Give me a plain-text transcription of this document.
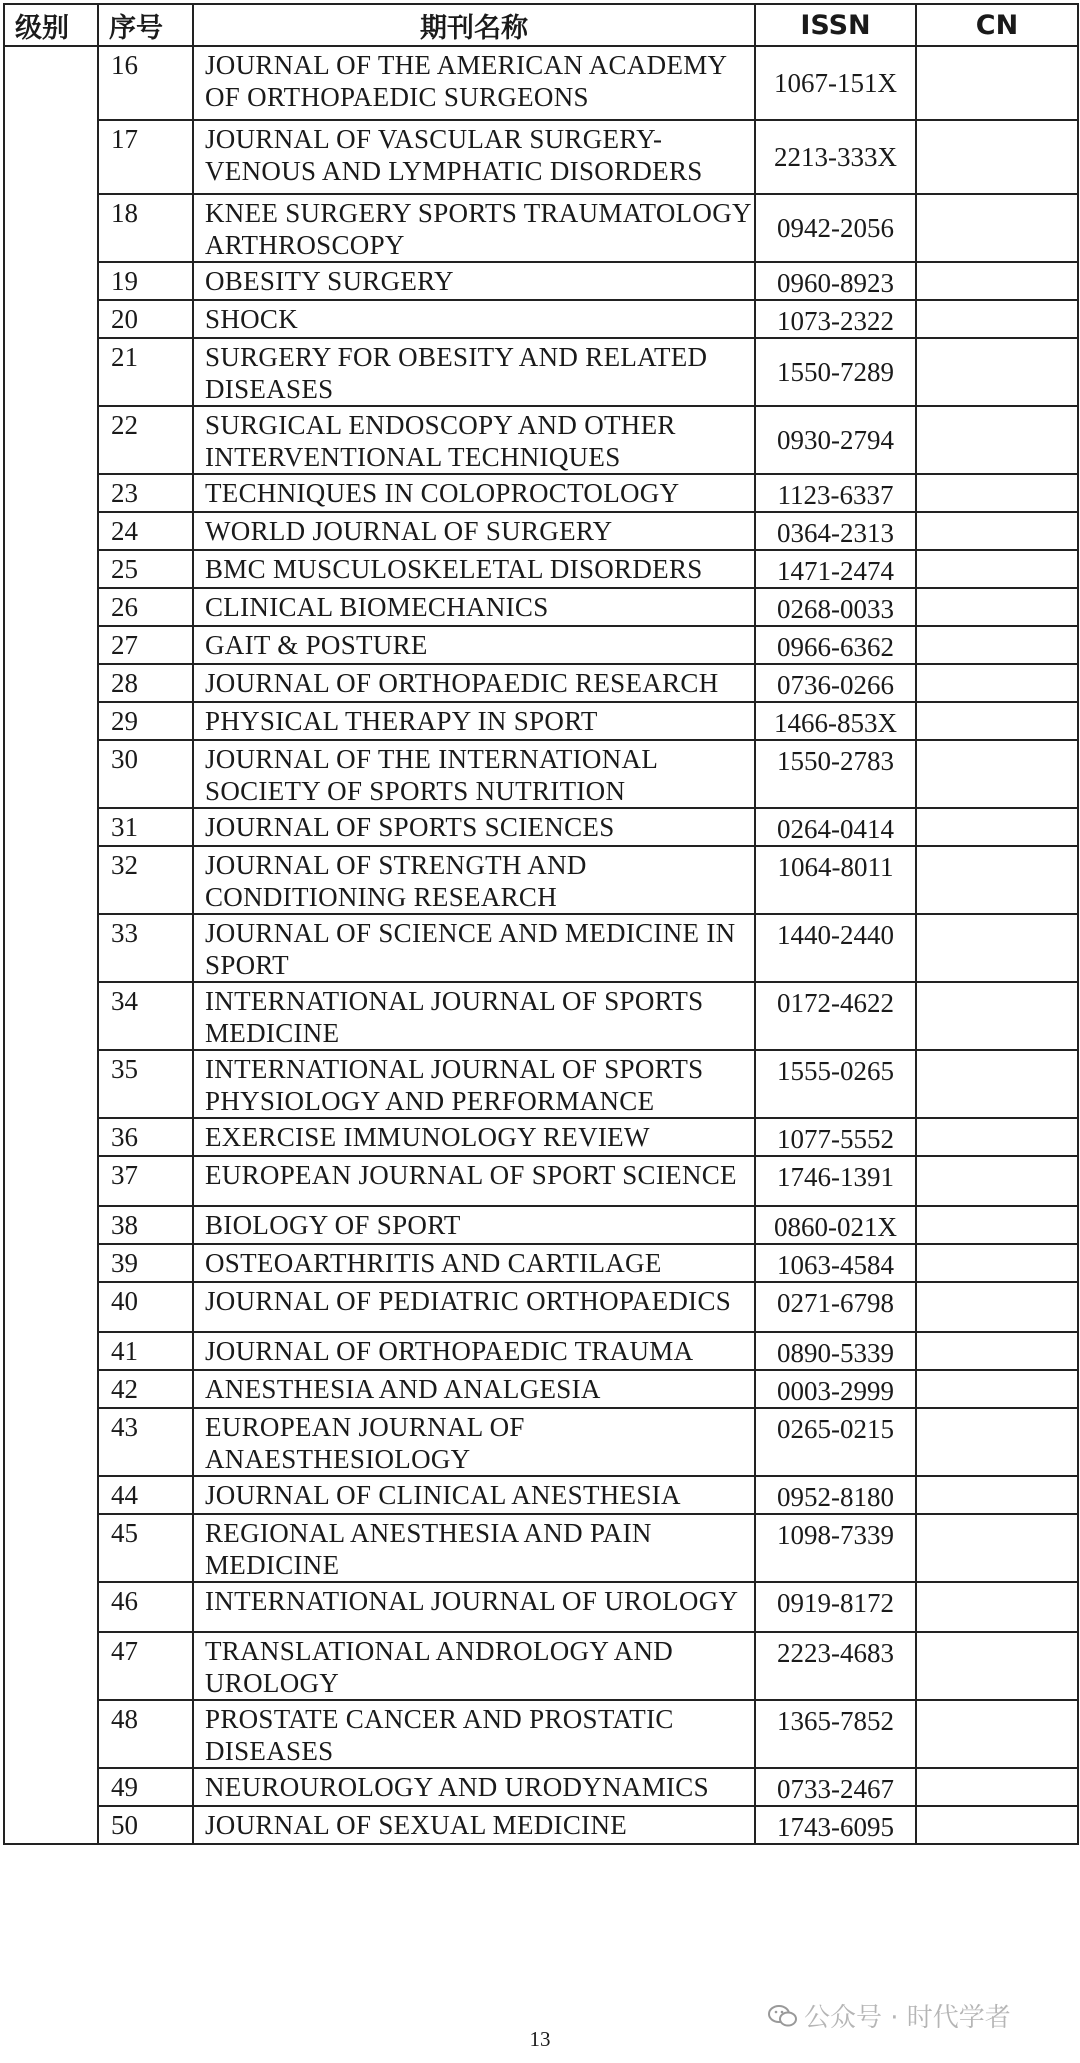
级别	序号	期刊名称	ISSN	CN
	16	JOURNAL OF THE AMERICAN ACADEMY OF ORTHOPAEDIC SURGEONS	1067-151X	
	17	JOURNAL OF VASCULAR SURGERY-VENOUS AND LYMPHATIC DISORDERS	2213-333X	
	18	KNEE SURGERY SPORTS TRAUMATOLOGY ARTHROSCOPY	0942-2056	
	19	OBESITY SURGERY	0960-8923	
	20	SHOCK	1073-2322	
	21	SURGERY FOR OBESITY AND RELATED DISEASES	1550-7289	
	22	SURGICAL ENDOSCOPY AND OTHER INTERVENTIONAL TECHNIQUES	0930-2794	
	23	TECHNIQUES IN COLOPROCTOLOGY	1123-6337	
	24	WORLD JOURNAL OF SURGERY	0364-2313	
	25	BMC MUSCULOSKELETAL DISORDERS	1471-2474	
	26	CLINICAL BIOMECHANICS	0268-0033	
	27	GAIT & POSTURE	0966-6362	
	28	JOURNAL OF ORTHOPAEDIC RESEARCH	0736-0266	
	29	PHYSICAL THERAPY IN SPORT	1466-853X	
	30	JOURNAL OF THE INTERNATIONAL SOCIETY OF SPORTS NUTRITION	1550-2783	
	31	JOURNAL OF SPORTS SCIENCES	0264-0414	
	32	JOURNAL OF STRENGTH AND CONDITIONING RESEARCH	1064-8011	
	33	JOURNAL OF SCIENCE AND MEDICINE IN SPORT	1440-2440	
	34	INTERNATIONAL JOURNAL OF SPORTS MEDICINE	0172-4622	
	35	INTERNATIONAL JOURNAL OF SPORTS PHYSIOLOGY AND PERFORMANCE	1555-0265	
	36	EXERCISE IMMUNOLOGY REVIEW	1077-5552	
	37	EUROPEAN JOURNAL OF SPORT SCIENCE	1746-1391	
	38	BIOLOGY OF SPORT	0860-021X	
	39	OSTEOARTHRITIS AND CARTILAGE	1063-4584	
	40	JOURNAL OF PEDIATRIC ORTHOPAEDICS	0271-6798	
	41	JOURNAL OF ORTHOPAEDIC TRAUMA	0890-5339	
	42	ANESTHESIA AND ANALGESIA	0003-2999	
	43	EUROPEAN JOURNAL OF ANAESTHESIOLOGY	0265-0215	
	44	JOURNAL OF CLINICAL ANESTHESIA	0952-8180	
	45	REGIONAL ANESTHESIA AND PAIN MEDICINE	1098-7339	
	46	INTERNATIONAL JOURNAL OF UROLOGY	0919-8172	
	47	TRANSLATIONAL ANDROLOGY AND UROLOGY	2223-4683	
	48	PROSTATE CANCER AND PROSTATIC DISEASES	1365-7852	
	49	NEUROUROLOGY AND URODYNAMICS	0733-2467	
	50	JOURNAL OF SEXUAL MEDICINE	1743-6095	
13
公众号 · 时代学者
